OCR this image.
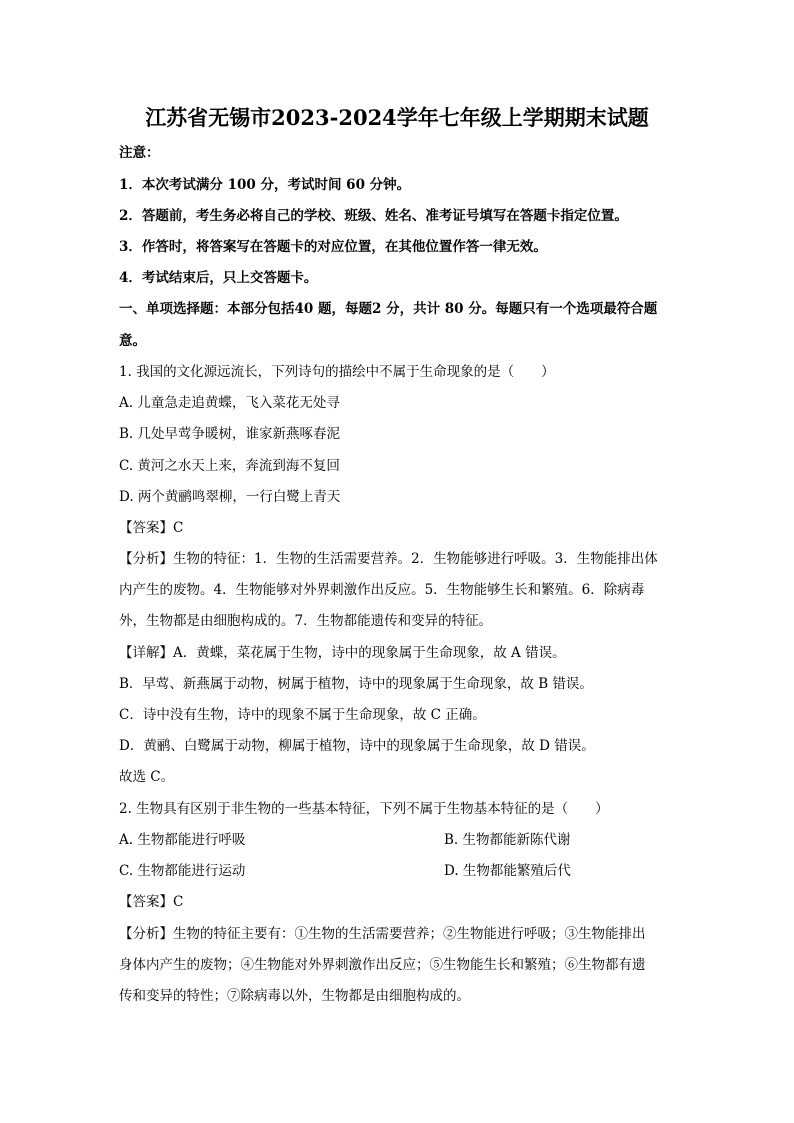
江苏省无锡市2023-2024学年七年级上学期期末试题
注意：
1．本次考试满分 100 分，考试时间 60 分钟。
2．答题前，考生务必将自己的学校、班级、姓名、准考证号填写在答题卡指定位置。
3．作答时，将答案写在答题卡的对应位置，在其他位置作答一律无效。
4．考试结束后，只上交答题卡。
一、单项选择题：本部分包括40 题，每题2 分，共计 80 分。每题只有一个选项最符合题
意。
1. 我国的文化源远流长，下列诗句的描绘中不属于生命现象的是（　　）
A. 儿童急走追黄蝶，飞入菜花无处寻
B. 几处早莺争暖树，谁家新燕啄春泥
C. 黄河之水天上来，奔流到海不复回
D. 两个黄鹂鸣翠柳，一行白鹭上青天
【答案】C
【分析】生物的特征：1．生物的生活需要营养。2．生物能够进行呼吸。3．生物能排出体
内产生的废物。4．生物能够对外界刺激作出反应。5．生物能够生长和繁殖。6．除病毒
外，生物都是由细胞构成的。7．生物都能遗传和变异的特征。
【详解】A．黄蝶，菜花属于生物，诗中的现象属于生命现象，故 A 错误。
B．早莺、新燕属于动物，树属于植物，诗中的现象属于生命现象，故 B 错误。
C．诗中没有生物，诗中的现象不属于生命现象，故 C 正确。
D．黄鹂、白鹭属于动物，柳属于植物，诗中的现象属于生命现象，故 D 错误。
故选 C。
2. 生物具有区别于非生物的一些基本特征，下列不属于生物基本特征的是（　　）
A. 生物都能进行呼吸	B. 生物都能新陈代谢
C. 生物都能进行运动	D. 生物都能繁殖后代
【答案】C
【分析】生物的特征主要有：①生物的生活需要营养；②生物能进行呼吸；③生物能排出
身体内产生的废物；④生物能对外界刺激作出反应；⑤生物能生长和繁殖；⑥生物都有遗
传和变异的特性；⑦除病毒以外，生物都是由细胞构成的。
